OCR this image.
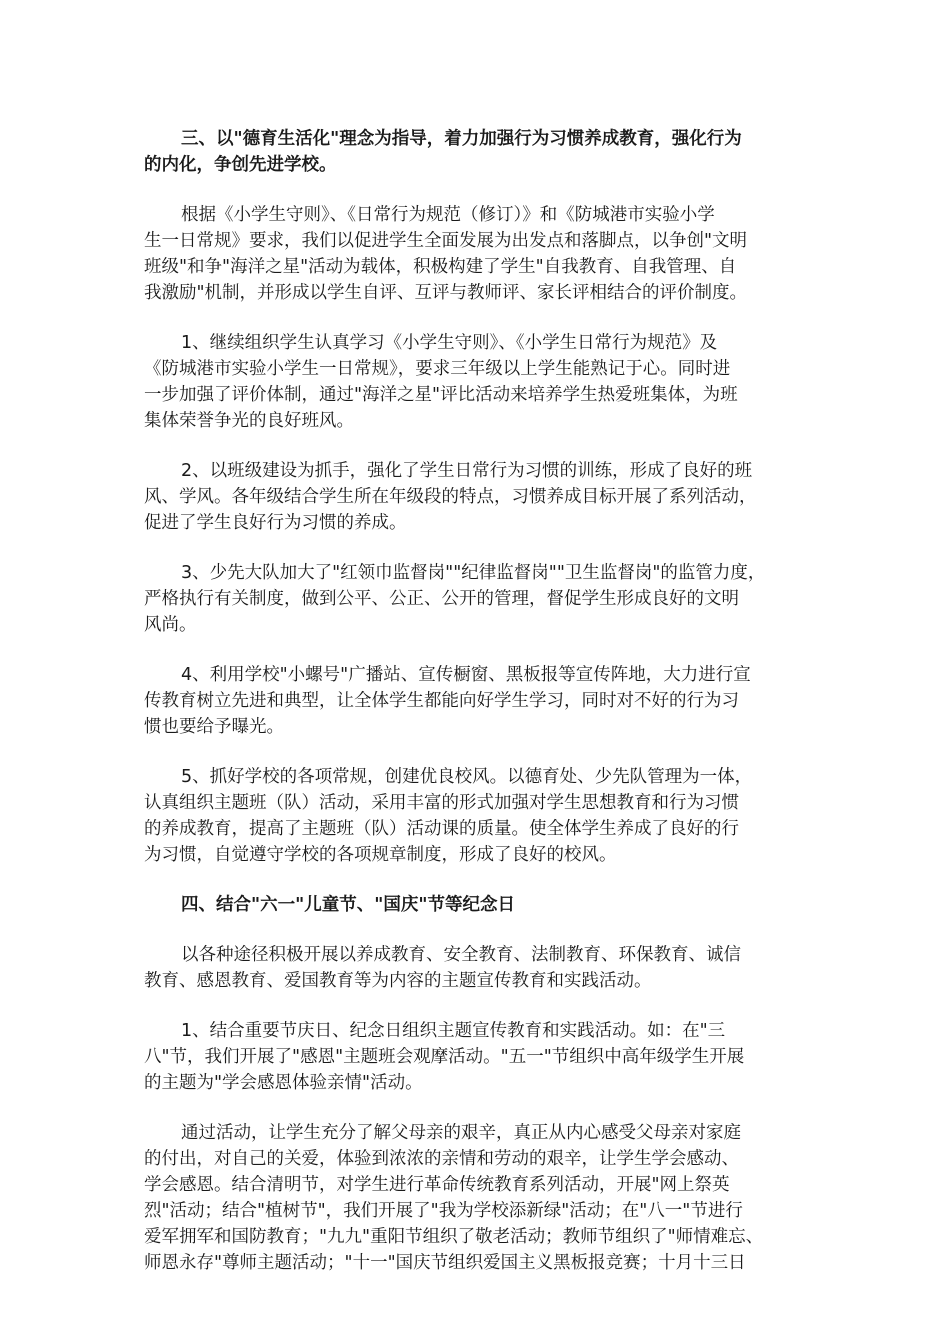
三、以"德育生活化"理念为指导，着力加强行为习惯养成教育，强化行为
的内化，争创先进学校。
根据《小学生守则》、《日常行为规范（修订）》和《防城港市实验小学
生一日常规》要求，我们以促进学生全面发展为出发点和落脚点，以争创"文明
班级"和争"海洋之星"活动为载体，积极构建了学生"自我教育、自我管理、自
我激励"机制，并形成以学生自评、互评与教师评、家长评相结合的评价制度。
1、继续组织学生认真学习《小学生守则》、《小学生日常行为规范》及
《防城港市实验小学生一日常规》，要求三年级以上学生能熟记于心。同时进
一步加强了评价体制，通过"海洋之星"评比活动来培养学生热爱班集体，为班
集体荣誉争光的良好班风。
2、以班级建设为抓手，强化了学生日常行为习惯的训练，形成了良好的班
风、学风。各年级结合学生所在年级段的特点，习惯养成目标开展了系列活动，
促进了学生良好行为习惯的养成。
3、少先大队加大了"红领巾监督岗""纪律监督岗""卫生监督岗"的监管力度，
严格执行有关制度，做到公平、公正、公开的管理，督促学生形成良好的文明
风尚。
4、利用学校"小螺号"广播站、宣传橱窗、黑板报等宣传阵地，大力进行宣
传教育树立先进和典型，让全体学生都能向好学生学习，同时对不好的行为习
惯也要给予曝光。
5、抓好学校的各项常规，创建优良校风。以德育处、少先队管理为一体，
认真组织主题班（队）活动，采用丰富的形式加强对学生思想教育和行为习惯
的养成教育，提高了主题班（队）活动课的质量。使全体学生养成了良好的行
为习惯，自觉遵守学校的各项规章制度，形成了良好的校风。
四、结合"六一"儿童节、"国庆"节等纪念日
以各种途径积极开展以养成教育、安全教育、法制教育、环保教育、诚信
教育、感恩教育、爱国教育等为内容的主题宣传教育和实践活动。
1、结合重要节庆日、纪念日组织主题宣传教育和实践活动。如：在"三
八"节，我们开展了"感恩"主题班会观摩活动。"五一"节组织中高年级学生开展
的主题为"学会感恩体验亲情"活动。
通过活动，让学生充分了解父母亲的艰辛，真正从内心感受父母亲对家庭
的付出，对自己的关爱，体验到浓浓的亲情和劳动的艰辛，让学生学会感动、
学会感恩。结合清明节，对学生进行革命传统教育系列活动，开展"网上祭英
烈"活动；结合"植树节"，我们开展了"我为学校添新绿"活动；在"八一"节进行
爱军拥军和国防教育；"九九"重阳节组织了敬老活动；教师节组织了"师情难忘、
师恩永存"尊师主题活动；"十一"国庆节组织爱国主义黑板报竞赛；十月十三日
